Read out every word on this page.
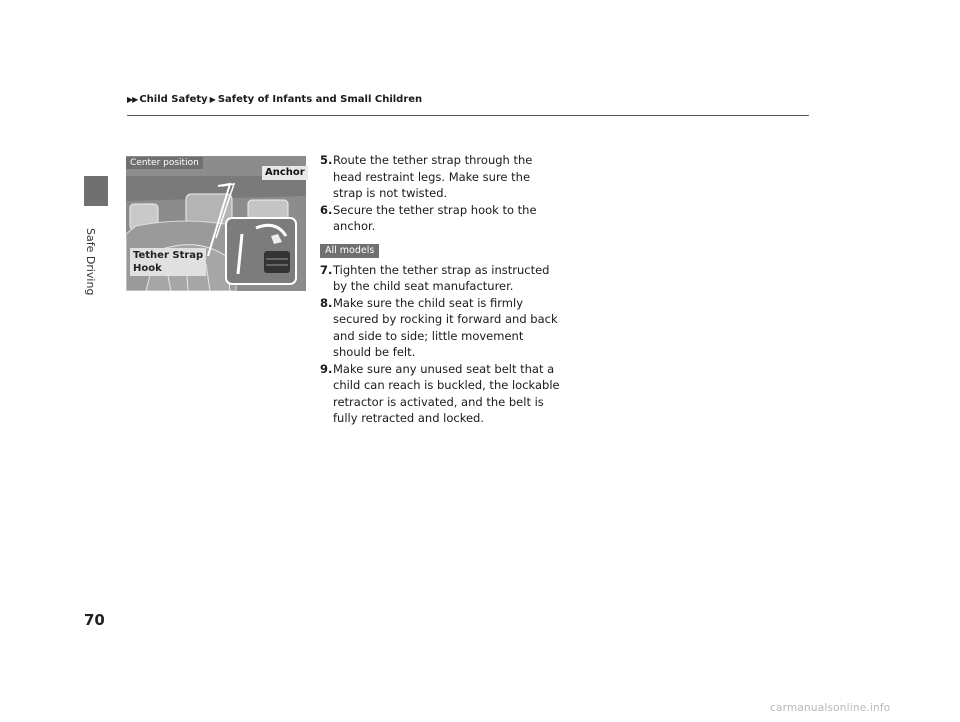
▶▶ Child Safety ▶ Safety of Infants and Small Children
Safe Driving
Center position
Anchor
Tether Strap
Hook
5. Route the tether strap through the head restraint legs. Make sure the strap is not twisted.
6. Secure the tether strap hook to the anchor.
All models
7. Tighten the tether strap as instructed by the child seat manufacturer.
8. Make sure the child seat is firmly secured by rocking it forward and back and side to side; little movement should be felt.
9. Make sure any unused seat belt that a child can reach is buckled, the lockable retractor is activated, and the belt is fully retracted and locked.
70
carmanualsonline.info
